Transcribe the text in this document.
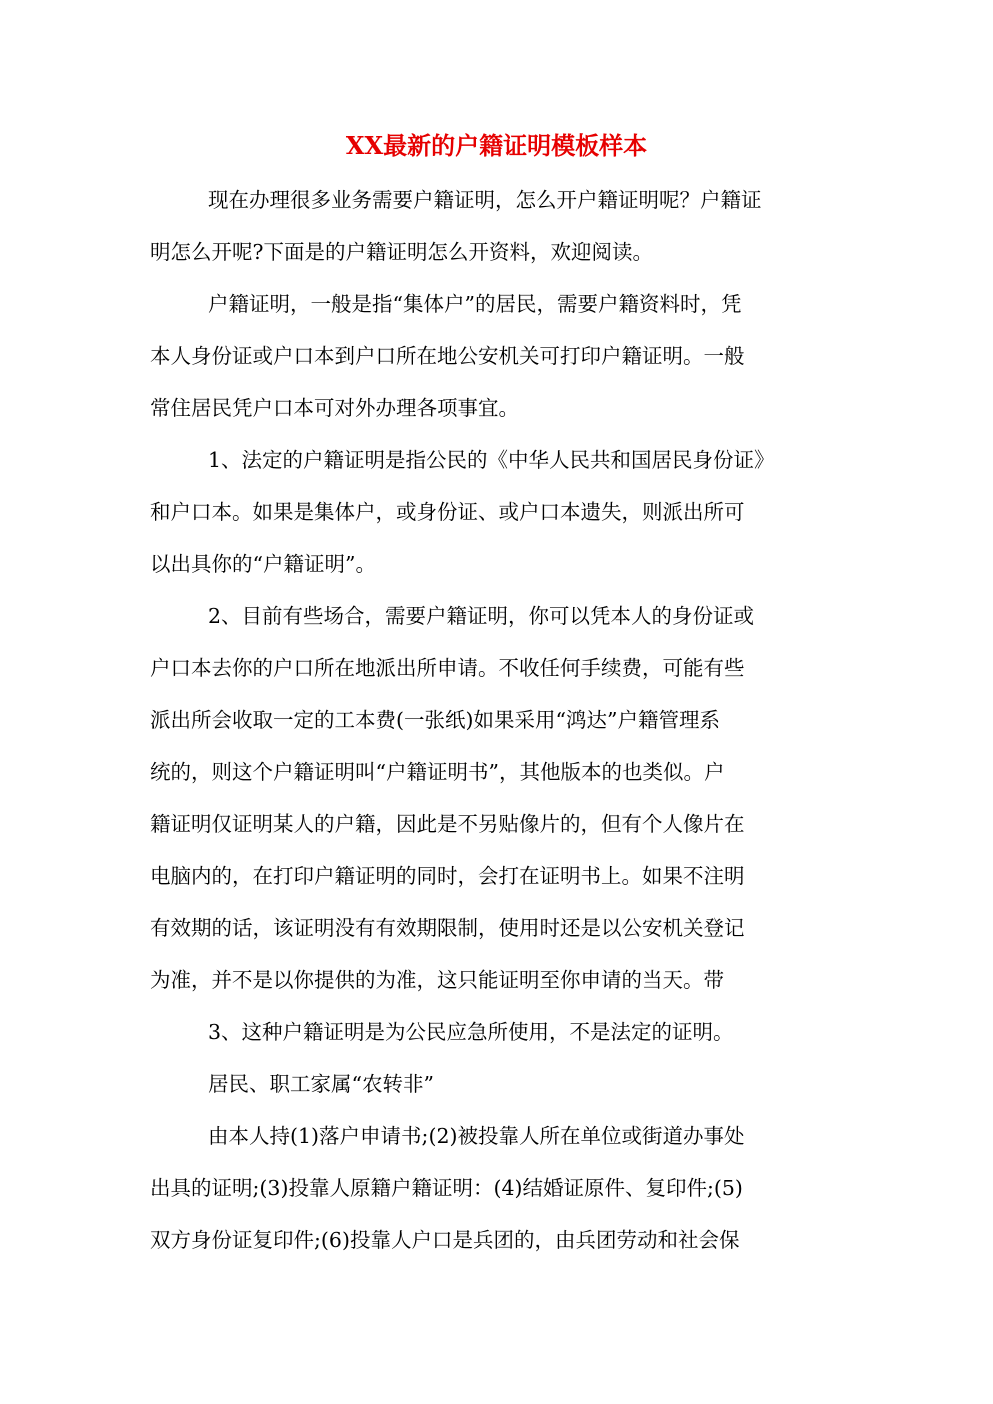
XX最新的户籍证明模板样本
现在办理很多业务需要户籍证明，怎么开户籍证明呢？户籍证
明怎么开呢?下面是的户籍证明怎么开资料，欢迎阅读。
户籍证明，一般是指“集体户”的居民，需要户籍资料时，凭
本人身份证或户口本到户口所在地公安机关可打印户籍证明。一般
常住居民凭户口本可对外办理各项事宜。
1、法定的户籍证明是指公民的《中华人民共和国居民身份证》
和户口本。如果是集体户，或身份证、或户口本遗失，则派出所可
以出具你的“户籍证明”。
2、目前有些场合，需要户籍证明，你可以凭本人的身份证或
户口本去你的户口所在地派出所申请。不收任何手续费，可能有些
派出所会收取一定的工本费(一张纸)如果采用“鸿达”户籍管理系
统的，则这个户籍证明叫“户籍证明书”，其他版本的也类似。户
籍证明仅证明某人的户籍，因此是不另贴像片的，但有个人像片在
电脑内的，在打印户籍证明的同时，会打在证明书上。如果不注明
有效期的话，该证明没有有效期限制，使用时还是以公安机关登记
为准，并不是以你提供的为准，这只能证明至你申请的当天。带
3、这种户籍证明是为公民应急所使用，不是法定的证明。
居民、职工家属“农转非”
由本人持(1)落户申请书;(2)被投靠人所在单位或街道办事处
出具的证明;(3)投靠人原籍户籍证明：(4)结婚证原件、复印件;(5)
双方身份证复印件;(6)投靠人户口是兵团的，由兵团劳动和社会保
